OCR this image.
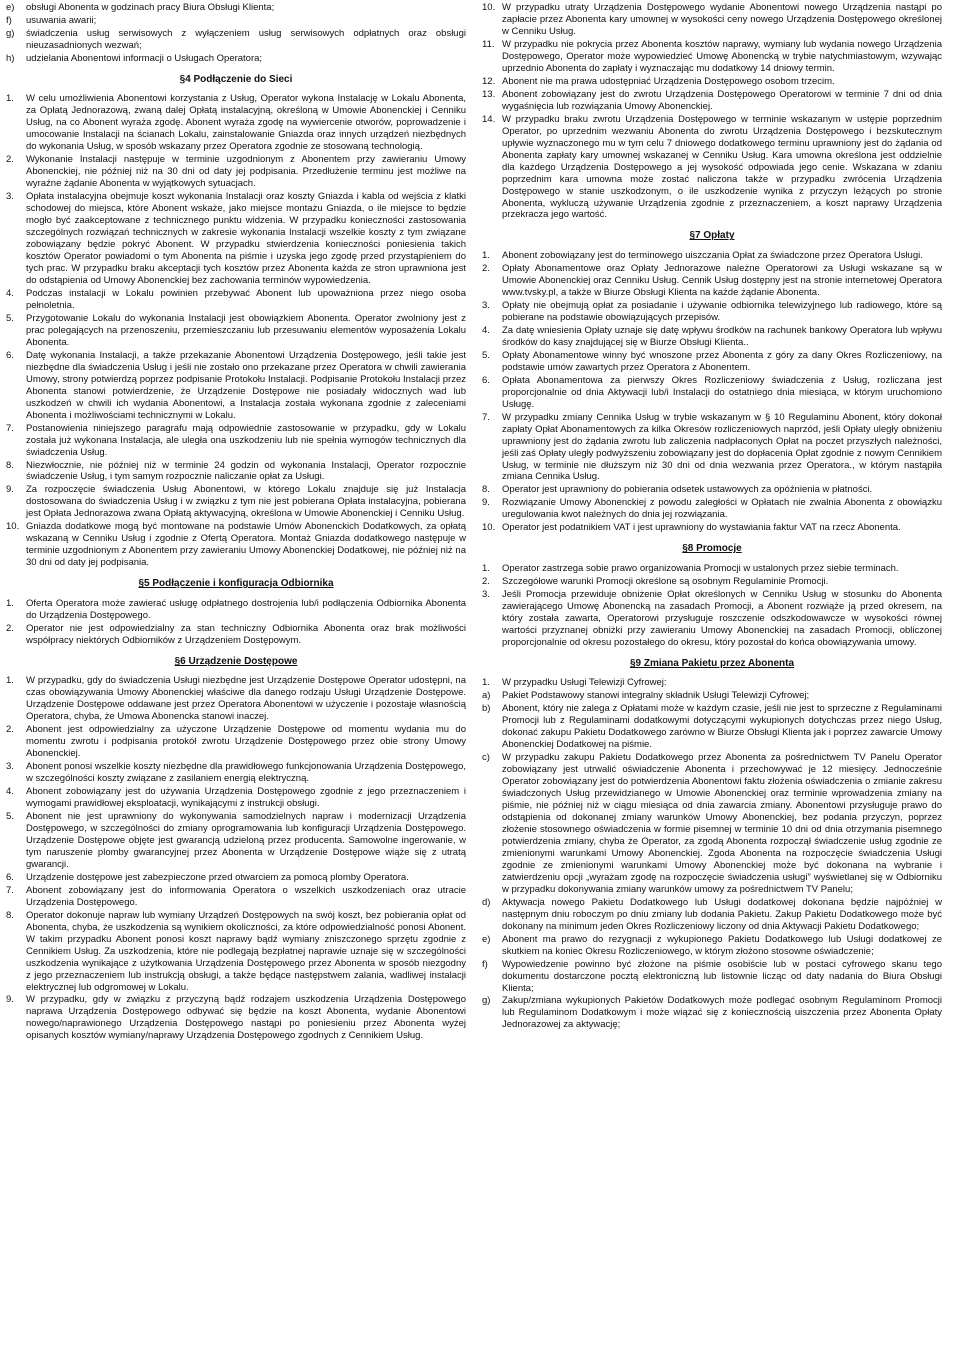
e)	obsługi Abonenta w godzinach pracy Biura Obsługi Klienta;
f)	usuwania awarii;
g)	świadczenia usług serwisowych z wyłączeniem usług serwisowych odpłatnych oraz obsługi nieuzasadnionych wezwań;
h)	udzielania Abonentowi informacji o Usługach Operatora;
§4 Podłączenie do Sieci
1.	W celu umożliwienia Abonentowi korzystania z Usług, Operator wykona Instalację w Lokalu Abonenta, za Opłatą Jednorazową, zwaną dalej Opłatą instalacyjną, określoną w Umowie Abonenckiej i Cenniku Usług, na co Abonent wyraża zgodę. Abonent wyraża zgodę na wywiercenie otworów, poprowadzenie i umocowanie Instalacji na ścianach Lokalu, zainstalowanie Gniazda oraz innych urządzeń niezbędnych do wykonania Usług, w sposób wskazany przez Operatora zgodnie ze stosowaną technologią.
2.	Wykonanie Instalacji następuje w terminie uzgodnionym z Abonentem przy zawieraniu Umowy Abonenckiej, nie później niż na 30 dni od daty jej podpisania. Przedłużenie terminu jest możliwe na wyraźne żądanie Abonenta w wyjątkowych sytuacjach.
3.	Opłata instalacyjna obejmuje koszt wykonania Instalacji oraz koszty Gniazda i kabla od wejścia z klatki schodowej do miejsca, które Abonent wskaże, jako miejsce montażu Gniazda, o ile miejsce to będzie mogło być zaakceptowane z technicznego punktu widzenia. W przypadku konieczności zastosowania szczególnych rozwiązań technicznych w zakresie wykonania Instalacji wszelkie koszty z tym związane zobowiązany będzie pokryć Abonent. W przypadku stwierdzenia konieczności poniesienia takich kosztów Operator powiadomi o tym Abonenta na piśmie i uzyska jego zgodę przed przystąpieniem do tych prac. W przypadku braku akceptacji tych kosztów przez Abonenta każda ze stron uprawniona jest do odstąpienia od Umowy Abonenckiej bez zachowania terminów wypowiedzenia.
4.	Podczas instalacji w Lokalu powinien przebywać Abonent lub upoważniona przez niego osoba pełnoletnia.
5.	Przygotowanie Lokalu do wykonania Instalacji jest obowiązkiem Abonenta. Operator zwolniony jest z prac polegających na przenoszeniu, przemieszczaniu lub przesuwaniu elementów wyposażenia Lokalu Abonenta.
6.	Datę wykonania Instalacji, a także przekazanie Abonentowi Urządzenia Dostępowego, jeśli takie jest niezbędne dla świadczenia Usług i jeśli nie zostało ono przekazane przez Operatora w chwili zawierania Umowy, strony potwierdzą poprzez podpisanie Protokołu Instalacji. Podpisanie Protokołu Instalacji przez Abonenta stanowi potwierdzenie, że Urządzenie Dostępowe nie posiadały widocznych wad lub uszkodzeń w chwili ich wydania Abonentowi, a Instalacja została wykonana zgodnie z zaleceniami Abonenta i możliwościami technicznymi w Lokalu.
7.	Postanowienia niniejszego paragrafu mają odpowiednie zastosowanie w przypadku, gdy w Lokalu została już wykonana Instalacja, ale uległa ona uszkodzeniu lub nie spełnia wymogów technicznych dla świadczenia Usług.
8.	Niezwłocznie, nie później niż w terminie 24 godzin od wykonania Instalacji, Operator rozpocznie świadczenie Usług, i tym samym rozpocznie naliczanie opłat za Usługi.
9.	Za rozpoczęcie świadczenia Usług Abonentowi, w którego Lokalu znajduje się już Instalacja dostosowana do świadczenia Usług i w związku z tym nie jest pobierana Opłata instalacyjna, pobierana jest Opłata Jednorazowa zwana Opłatą aktywacyjną, określona w Umowie Abonenckiej i Cenniku Usług.
10. Gniazda dodatkowe mogą być montowane na podstawie Umów Abonenckich Dodatkowych, za opłatą wskazaną w Cenniku Usług i zgodnie z Ofertą Operatora. Montaż Gniazda dodatkowego następuje w terminie uzgodnionym z Abonentem przy zawieraniu Umowy Abonenckiej Dodatkowej, nie później niż na 30 dni od daty jej podpisania.
§5 Podłączenie i konfiguracja Odbiornika
1.	Oferta Operatora może zawierać usługę odpłatnego dostrojenia lub/i podłączenia Odbiornika Abonenta do Urządzenia Dostępowego.
2.	Operator nie jest odpowiedzialny za stan techniczny Odbiornika Abonenta oraz brak możliwości współpracy niektórych Odbiorników z Urządzeniem Dostępowym.
§6 Urządzenie Dostępowe
1.	W przypadku, gdy do świadczenia Usługi niezbędne jest Urządzenie Dostępowe Operator udostępni, na czas obowiązywania Umowy Abonenckiej właściwe dla danego rodzaju Usługi Urządzenie Dostępowe. Urządzenie Dostępowe oddawane jest przez Operatora Abonentowi w użyczenie i pozostaje własnością Operatora, chyba, że Umowa Abonencka stanowi inaczej.
2.	Abonent jest odpowiedzialny za użyczone Urządzenie Dostępowe od momentu wydania mu do momentu zwrotu i podpisania protokół zwrotu Urządzenie Dostępowego przez obie strony Umowy Abonenckiej.
3.	Abonent ponosi wszelkie koszty niezbędne dla prawidłowego funkcjonowania Urządzenia Dostępowego, w szczególności koszty związane z zasilaniem energią elektryczną.
4.	Abonent zobowiązany jest do używania Urządzenia Dostępowego zgodnie z jego przeznaczeniem i wymogami prawidłowej eksploatacji, wynikającymi z instrukcji obsługi.
5.	Abonent nie jest uprawniony do wykonywania samodzielnych napraw i modernizacji Urządzenia Dostępowego, w szczególności do zmiany oprogramowania lub konfiguracji Urządzenia Dostępowego. Urządzenie Dostępowe objęte jest gwarancją udzieloną przez producenta. Samowolne ingerowanie, w tym naruszenie plomby gwarancyjnej przez Abonenta w Urządzenie Dostępowe wiąże się z utratą gwarancji.
6.	Urządzenie dostępowe jest zabezpieczone przed otwarciem za pomocą plomby Operatora.
7.	Abonent zobowiązany jest do informowania Operatora o wszelkich uszkodzeniach oraz utracie Urządzenia Dostępowego.
8.	Operator dokonuje napraw lub wymiany Urządzeń Dostępowych na swój koszt, bez pobierania opłat od Abonenta, chyba, że uszkodzenia są wynikiem okoliczności, za które odpowiedzialność ponosi Abonent. W takim przypadku Abonent ponosi koszt naprawy bądź wymiany zniszczonego sprzętu zgodnie z Cennikiem Usług. Za uszkodzenia, które nie podlegają bezpłatnej naprawie uznaje się w szczególności uszkodzenia wynikające z użytkowania Urządzenia Dostępowego przez Abonenta w sposób niezgodny z jego przeznaczeniem lub instrukcją obsługi, a także będące następstwem zalania, wadliwej instalacji elektrycznej lub odgromowej w Lokalu.
9.	W przypadku, gdy w związku z przyczyną bądź rodzajem uszkodzenia Urządzenia Dostępowego naprawa Urządzenia Dostępowego odbywać się będzie na koszt Abonenta, wydanie Abonentowi nowego/naprawionego Urządzenia Dostępowego nastąpi po poniesieniu przez Abonenta wyżej opisanych kosztów wymiany/naprawy Urządzenia Dostępowego zgodnych z Cennikiem Usług.
10. W przypadku utraty Urządzenia Dostępowego wydanie Abonentowi nowego Urządzenia nastąpi po zapłacie przez Abonenta kary umownej w wysokości ceny nowego Urządzenia Dostępowego określonej w Cenniku Usług.
11. W przypadku nie pokrycia przez Abonenta kosztów naprawy, wymiany lub wydania nowego Urządzenia Dostępowego, Operator może wypowiedzieć Umowę Abonencką w trybie natychmiastowym, wzywając uprzednio Abonenta do zapłaty i wyznaczając mu dodatkowy 14 dniowy termin.
12. Abonent nie ma prawa udostępniać Urządzenia Dostępowego osobom trzecim.
13. Abonent zobowiązany jest do zwrotu Urządzenia Dostępowego Operatorowi w terminie 7 dni od dnia wygaśnięcia lub rozwiązania Umowy Abonenckiej.
14. W przypadku braku zwrotu Urządzenia Dostępowego w terminie wskazanym w ustępie poprzednim Operator, po uprzednim wezwaniu Abonenta do zwrotu Urządzenia Dostępowego i bezskutecznym upływie wyznaczonego mu w tym celu 7 dniowego dodatkowego terminu uprawniony jest do żądania od Abonenta zapłaty kary umownej wskazanej w Cenniku Usług. Kara umowna określona jest oddzielnie dla każdego Urządzenia Dostępowego a jej wysokość odpowiada jego cenie. Wskazana w zdaniu poprzednim kara umowna może zostać naliczona także w przypadku zwrócenia Urządzenia Dostępowego w stanie uszkodzonym, o ile uszkodzenie wynika z przyczyn leżących po stronie Abonenta, wykluczą używanie Urządzenia zgodnie z przeznaczeniem, a koszt naprawy Urządzenia przekracza jego wartość.
§7 Opłaty
1.	Abonent zobowiązany jest do terminowego uiszczania Opłat za świadczone przez Operatora Usługi.
2.	Opłaty Abonamentowe oraz Opłaty Jednorazowe należne Operatorowi za Usługi wskazane są w Umowie Abonenckiej oraz Cenniku Usług. Cennik Usług dostępny jest na stronie internetowej Operatora www.tvsky.pl, a także w Biurze Obsługi Klienta na każde żądanie Abonenta.
3.	Opłaty nie obejmują opłat za posiadanie i używanie odbiornika telewizyjnego lub radiowego, które są pobierane na podstawie obowiązujących przepisów.
4.	Za datę wniesienia Opłaty uznaje się datę wpływu środków na rachunek bankowy Operatora lub wpływu środków do kasy znajdującej się w Biurze Obsługi Klienta..
5.	Opłaty Abonamentowe winny być wnoszone przez Abonenta z góry za dany Okres Rozliczeniowy, na podstawie umów zawartych przez Operatora z Abonentem.
6.	Opłata Abonamentowa za pierwszy Okres Rozliczeniowy świadczenia z Usług, rozliczana jest proporcjonalnie od dnia Aktywacji lub/i Instalacji do ostatniego dnia miesiąca, w którym uruchomiono Usługę.
7.	W przypadku zmiany Cennika Usług w trybie wskazanym w § 10 Regulaminu Abonent, który dokonał zapłaty Opłat Abonamentowych za kilka Okresów rozliczeniowych naprzód, jeśli Opłaty uległy obniżeniu uprawniony jest do żądania zwrotu lub zaliczenia nadpłaconych Opłat na poczet przyszłych należności, jeśli zaś Opłaty uległy podwyższeniu zobowiązany jest do dopłacenia Opłat zgodnie z nowym Cennikiem Usług, w terminie nie dłuższym niż 30 dni od dnia wezwania przez Operatora., w którym nastąpiła zmiana Cennika Usług.
8.	Operator jest uprawniony do pobierania odsetek ustawowych za opóźnienia w płatności.
9.	Rozwiązanie Umowy Abonenckiej z powodu zaległości w Opłatach nie zwalnia Abonenta z obowiązku uregulowania kwot należnych do dnia jej rozwiązania.
10. Operator jest podatnikiem VAT i jest uprawniony do wystawiania faktur VAT na rzecz Abonenta.
§8 Promocje
1.	Operator zastrzega sobie prawo organizowania Promocji w ustalonych przez siebie terminach.
2.	Szczegółowe warunki Promocji określone są osobnym Regulaminie Promocji.
3.	Jeśli Promocja przewiduje obniżenie Opłat określonych w Cenniku Usług w stosunku do Abonenta zawierającego Umowę Abonencką na zasadach Promocji, a Abonent rozwiąże ją przed okresem, na który została zawarta, Operatorowi przysługuje roszczenie odszkodowawcze w wysokości równej wartości przyznanej obniżki przy zawieraniu Umowy Abonenckiej na zasadach Promocji, obliczonej proporcjonalnie od okresu pozostałego do okresu, który pozostał do końca obowiązywania umowy.
§9 Zmiana Pakietu przez Abonenta
1.	W przypadku Usługi Telewizji Cyfrowej:
a)	Pakiet Podstawowy stanowi integralny składnik Usługi Telewizji Cyfrowej;
b)	Abonent, który nie zalega z Opłatami może w każdym czasie, jeśli nie jest to sprzeczne z Regulaminami Promocji lub z Regulaminami dodatkowymi dotyczącymi wykupionych dotychczas przez niego Usług, dokonać zakupu Pakietu Dodatkowego zarówno w Biurze Obsługi Klienta jak i poprzez zawarcie Umowy Abonenckiej Dodatkowej na piśmie.
c)	W przypadku zakupu Pakietu Dodatkowego przez Abonenta za pośrednictwem TV Panelu Operator zobowiązany jest utrwalić oświadczenie Abonenta i przechowywać je 12 miesięcy. Jednocześnie Operator zobowiązany jest do potwierdzenia Abonentowi faktu złożenia oświadczenia o zmianie zakresu świadczonych Usług przewidzianego w Umowie Abonenckiej oraz terminie wprowadzenia zmiany na piśmie, nie później niż w ciągu miesiąca od dnia zawarcia zmiany. Abonentowi przysługuje prawo do odstąpienia od dokonanej zmiany warunków Umowy Abonenckiej, bez podania przyczyn, poprzez złożenie stosownego oświadczenia w formie pisemnej w terminie 10 dni od dnia otrzymania pisemnego potwierdzenia zmiany, chyba że Operator, za zgodą Abonenta rozpoczął świadczenie usług zgodnie ze zmienionymi warunkami Umowy Abonenckiej. Zgoda Abonenta na rozpoczęcie świadczenia Usługi zgodnie ze zmienionymi warunkami Umowy Abonenckiej może być dokonana na wybranie i zatwierdzeniu opcji „wyrażam zgodę na rozpoczęcie świadczenia usługi” wyświetlanej się w Odbiorniku w przypadku dokonywania zmiany warunków umowy za pośrednictwem TV Panelu;
d)	Aktywacja nowego Pakietu Dodatkowego lub Usługi dodatkowej dokonana będzie najpóźniej w następnym dniu roboczym po dniu zmiany lub dodania Pakietu. Zakup Pakietu Dodatkowego może być dokonany na minimum jeden Okres Rozliczeniowy liczony od dnia Aktywacji Pakietu Dodatkowego;
e)	Abonent ma prawo do rezygnacji z wykupionego Pakietu Dodatkowego lub Usługi dodatkowej ze skutkiem na koniec Okresu Rozliczeniowego, w którym złożono stosowne oświadczenie;
f)	Wypowiedzenie powinno być złożone na piśmie osobiście lub w postaci cyfrowego skanu tego dokumentu dostarczone pocztą elektroniczną lub listownie licząc od daty nadania do Biura Obsługi Klienta;
g)	Zakup/zmiana wykupionych Pakietów Dodatkowych może podlegać osobnym Regulaminom Promocji lub Regulaminom Dodatkowym i może wiązać się z koniecznością uiszczenia przez Abonenta Opłaty Jednorazowej za aktywację;
